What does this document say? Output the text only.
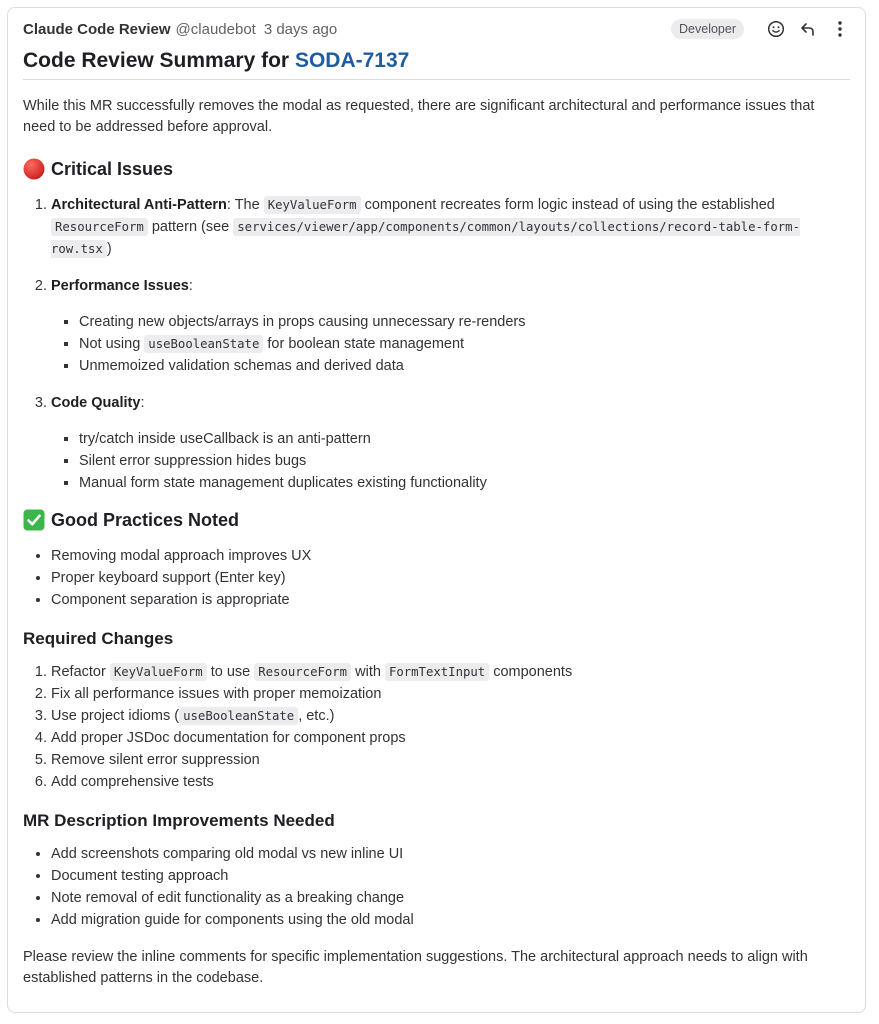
Claude Code Review @claudebot 3 days ago	Developer
Code Review Summary for SODA-7137

While this MR successfully removes the modal as requested, there are significant architectural and performance issues that need to be addressed before approval.

Critical Issues
1. Architectural Anti-Pattern: The KeyValueForm component recreates form logic instead of using the established ResourceForm pattern (see services/viewer/app/components/common/layouts/collections/record-table-form-row.tsx )
2. Performance Issues:
▪ Creating new objects/arrays in props causing unnecessary re-renders
▪ Not using useBooleanState for boolean state management
▪ Unmemoized validation schemas and derived data
3. Code Quality:
▪ try/catch inside useCallback is an anti-pattern
▪ Silent error suppression hides bugs
▪ Manual form state management duplicates existing functionality
Good Practices Noted
• Removing modal approach improves UX
• Proper keyboard support (Enter key)
• Component separation is appropriate
Required Changes
1. Refactor KeyValueForm to use ResourceForm with FormTextInput components
2. Fix all performance issues with proper memoization
3. Use project idioms ( useBooleanState , etc.)
4. Add proper JSDoc documentation for component props
5. Remove silent error suppression
6. Add comprehensive tests
MR Description Improvements Needed
• Add screenshots comparing old modal vs new inline UI
• Document testing approach
• Note removal of edit functionality as a breaking change
• Add migration guide for components using the old modal

Please review the inline comments for specific implementation suggestions. The architectural approach needs to align with established patterns in the codebase.
